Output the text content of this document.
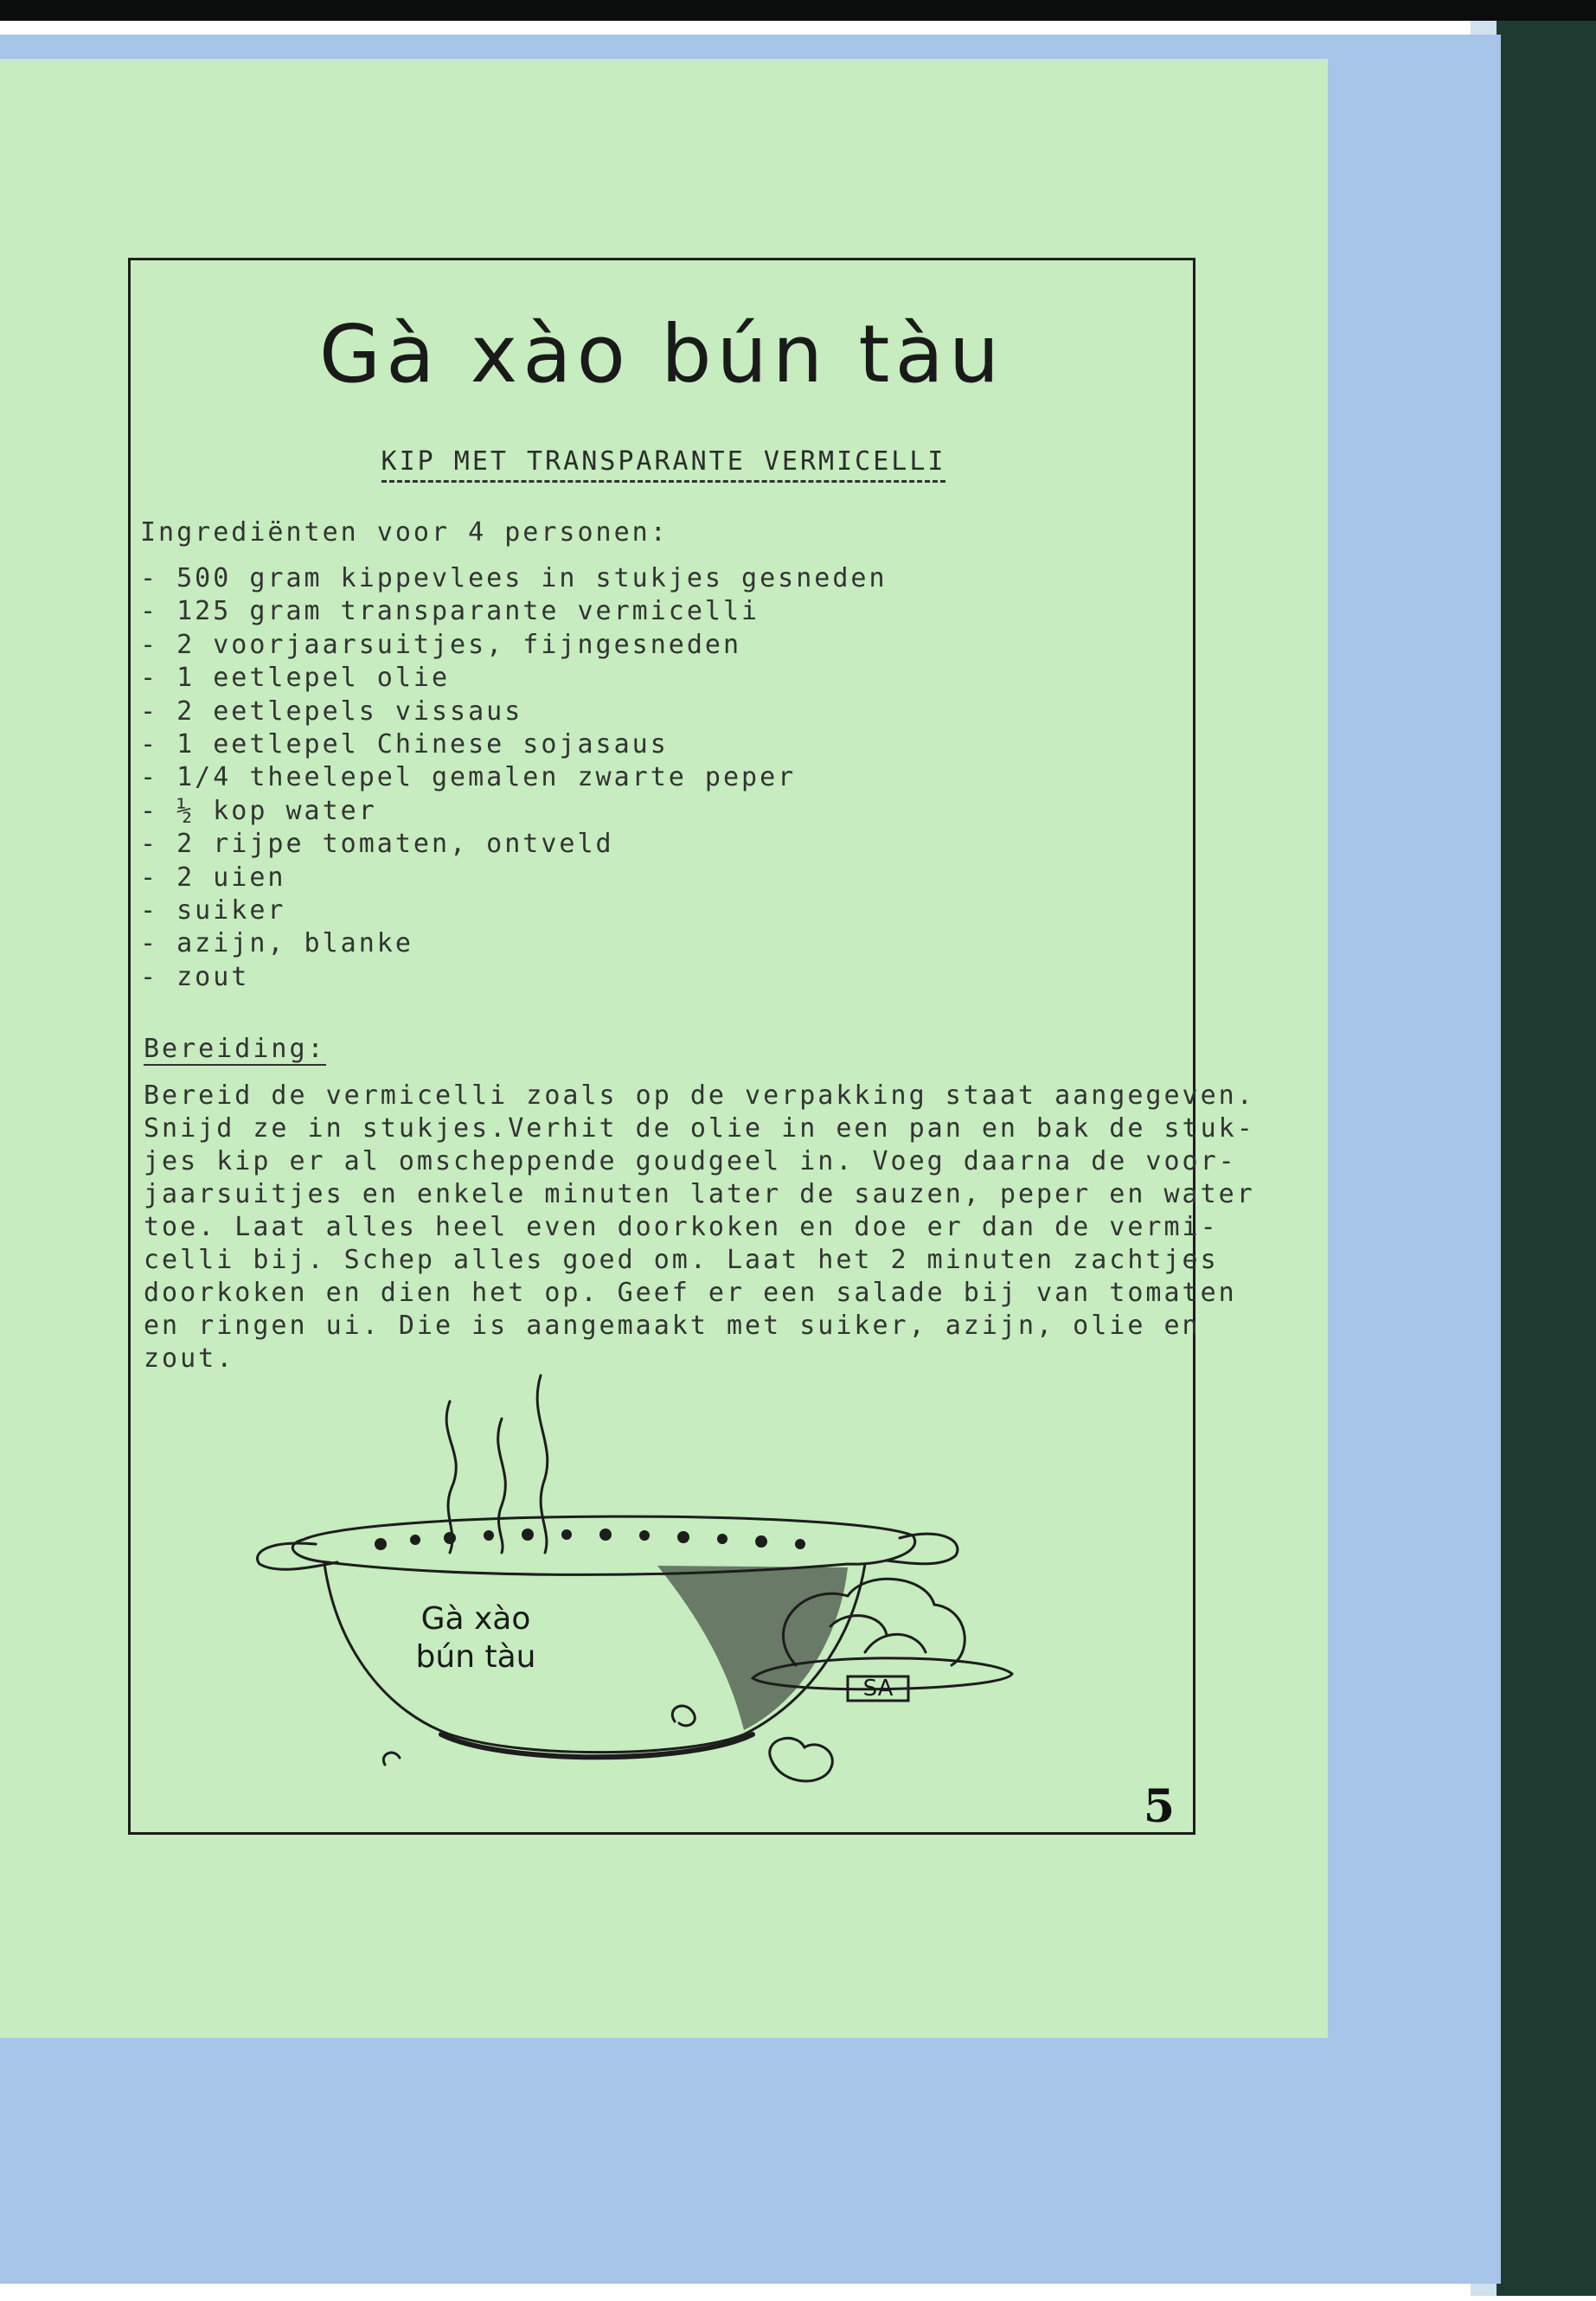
Gà xào bún tàu
KIP MET TRANSPARANTE VERMICELLI

Ingrediënten voor 4 personen:

- 500 gram kippevlees in stukjes gesneden
- 125 gram transparante vermicelli
- 2 voorjaarsuitjes, fijngesneden
- 1 eetlepel olie
- 2 eetlepels vissaus
- 1 eetlepel Chinese sojasaus
- 1/4 theelepel gemalen zwarte peper
- ½ kop water
- 2 rijpe tomaten, ontveld
- 2 uien
- suiker
- azijn, blanke
- zout

Bereiding:

Bereid de vermicelli zoals op de verpakking staat aangegeven.
Snijd ze in stukjes.Verhit de olie in een pan en bak de stuk-
jes kip er al omscheppende goudgeel in. Voeg daarna de voor-
jaarsuitjes en enkele minuten later de sauzen, peper en water
toe. Laat alles heel even doorkoken en doe er dan de vermi-
celli bij. Schep alles goed om. Laat het 2 minuten zachtjes
doorkoken en dien het op. Geef er een salade bij van tomaten
en ringen ui. Die is aangemaakt met suiker, azijn, olie en
zout.
Gà xào
bún tàu
SA
5
